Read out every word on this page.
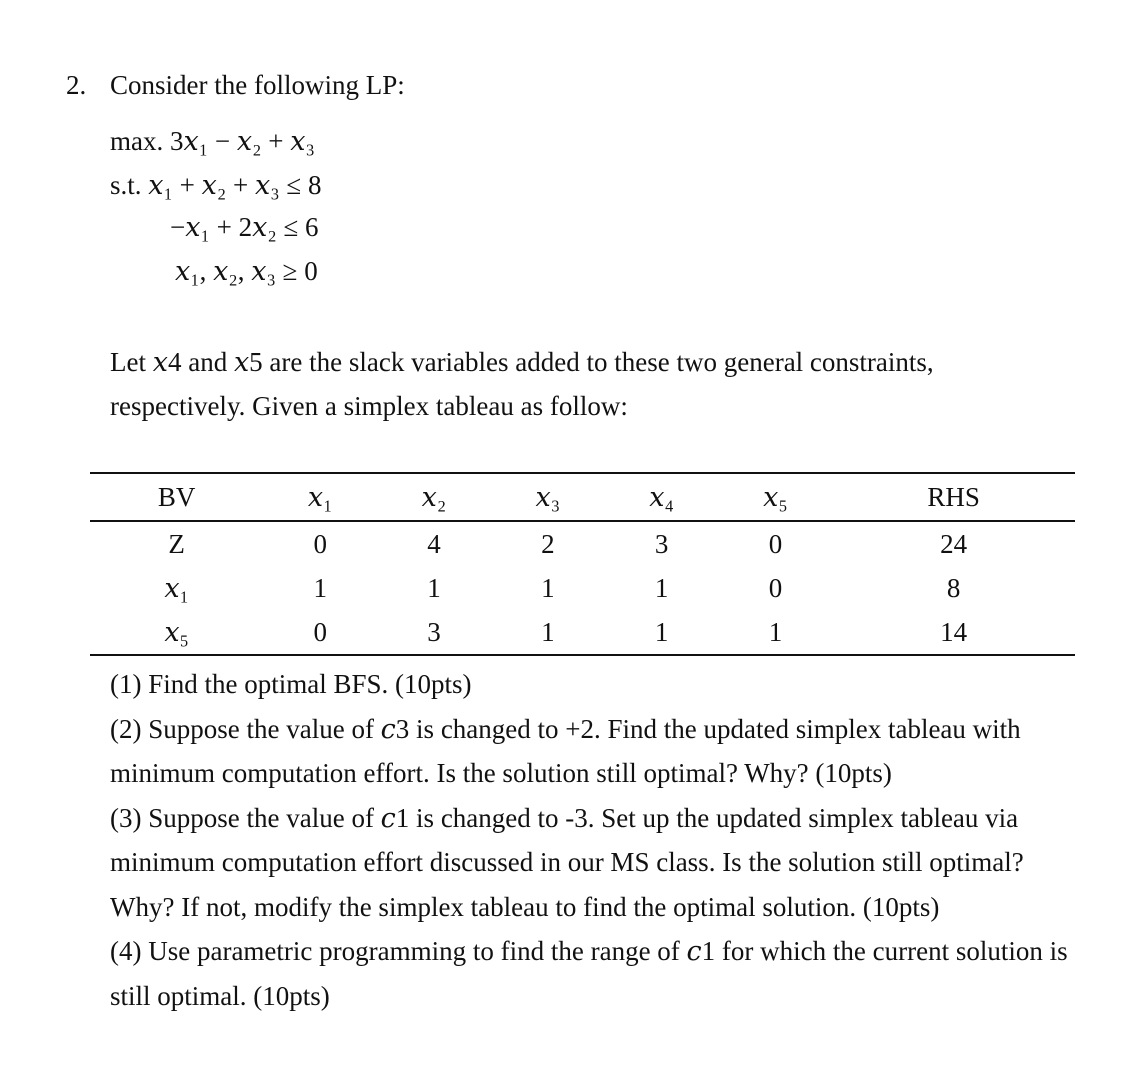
2. Consider the following LP:
max. 3𝑥₁ − 𝑥₂ + 𝑥₃
s.t. 𝑥₁ + 𝑥₂ + 𝑥₃ ≤ 8
−𝑥₁ + 2𝑥₂ ≤ 6
𝑥₁, 𝑥₂, 𝑥₃ ≥ 0
Let 𝑥4 and 𝑥5 are the slack variables added to these two general constraints, respectively. Given a simplex tableau as follow:
BV	𝑥₁	𝑥₂	𝑥₃	𝑥₄	𝑥₅	RHS
Z	0	4	2	3	0	24
𝑥₁	1	1	1	1	0	8
𝑥₅	0	3	1	1	1	14

(1) Find the optimal BFS. (10pts)

(2) Suppose the value of 𝑐3 is changed to +2. Find the updated simplex tableau with minimum computation effort. Is the solution still optimal? Why? (10pts)

(3) Suppose the value of 𝑐1 is changed to -3. Set up the updated simplex tableau via minimum computation effort discussed in our MS class. Is the solution still optimal? Why? If not, modify the simplex tableau to find the optimal solution. (10pts)

(4) Use parametric programming to find the range of 𝑐1 for which the current solution is still optimal. (10pts)
